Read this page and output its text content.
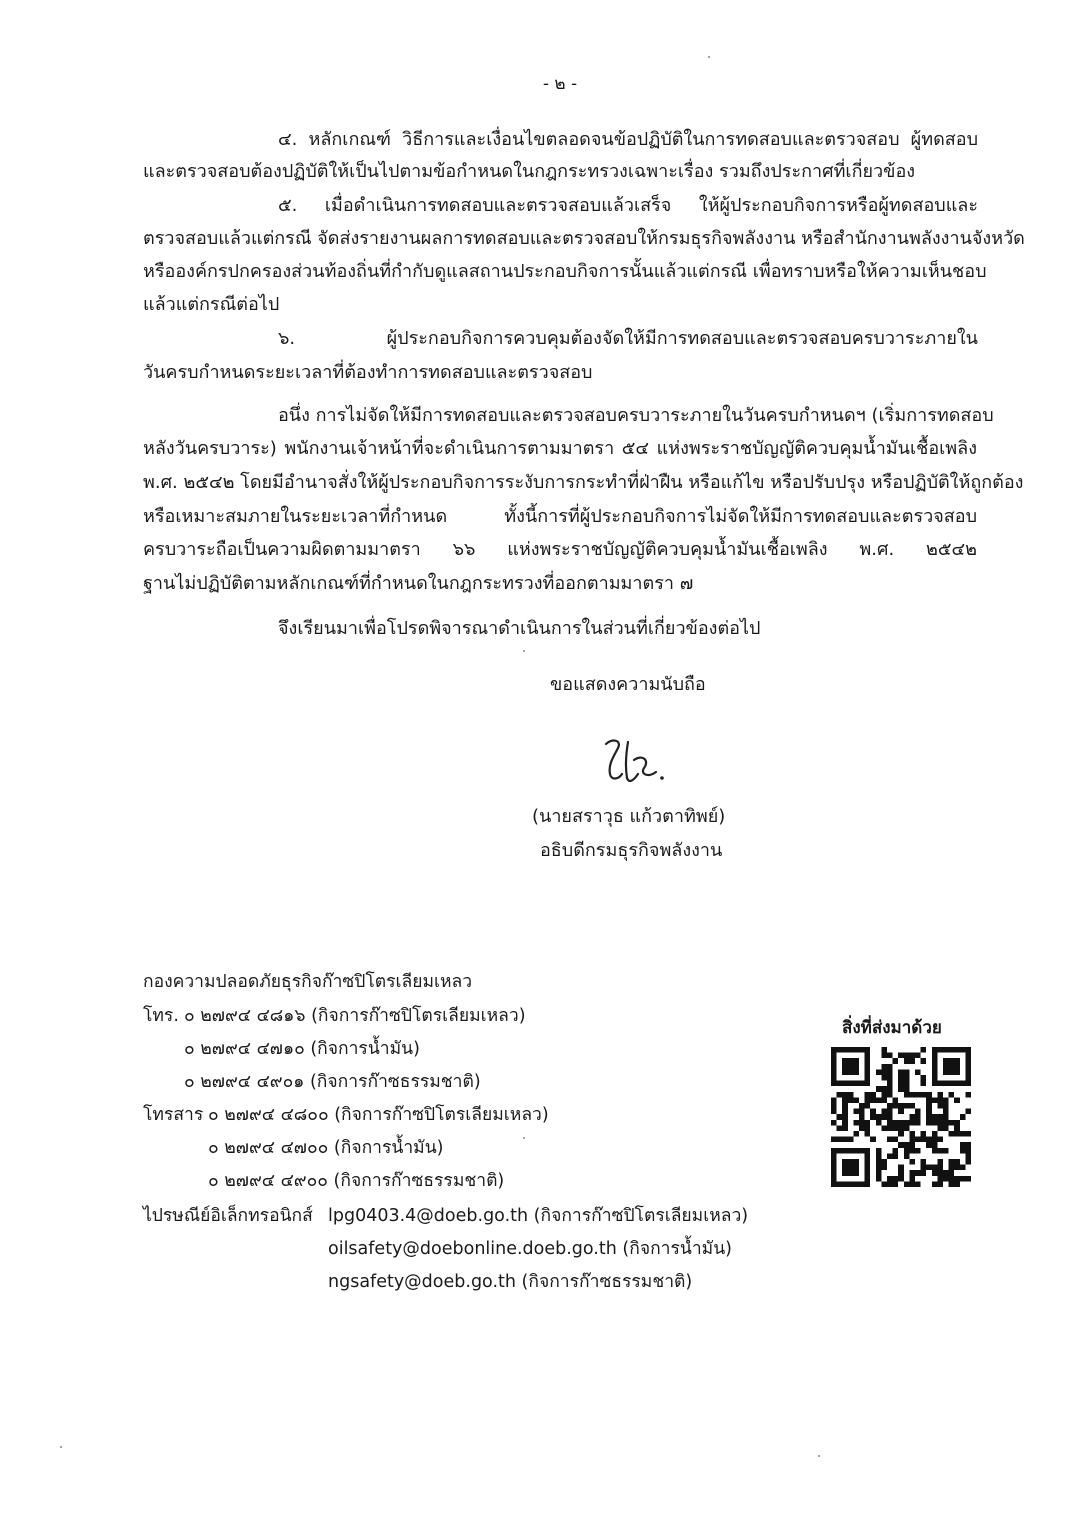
- ๒ -
๔. หลักเกณฑ์ วิธีการและเงื่อนไขตลอดจนข้อปฏิบัติในการทดสอบและตรวจสอบ ผู้ทดสอบ
และตรวจสอบต้องปฏิบัติให้เป็นไปตามข้อกำหนดในกฎกระทรวงเฉพาะเรื่อง รวมถึงประกาศที่เกี่ยวข้อง
๕. เมื่อดำเนินการทดสอบและตรวจสอบแล้วเสร็จ ให้ผู้ประกอบกิจการหรือผู้ทดสอบและ
ตรวจสอบแล้วแต่กรณี จัดส่งรายงานผลการทดสอบและตรวจสอบให้กรมธุรกิจพลังงาน หรือสำนักงานพลังงานจังหวัด
หรือองค์กรปกครองส่วนท้องถิ่นที่กำกับดูแลสถานประกอบกิจการนั้นแล้วแต่กรณี เพื่อทราบหรือให้ความเห็นชอบ
แล้วแต่กรณีต่อไป
๖. ผู้ประกอบกิจการควบคุมต้องจัดให้มีการทดสอบและตรวจสอบครบวาระภายใน
วันครบกำหนดระยะเวลาที่ต้องทำการทดสอบและตรวจสอบ
อนึ่ง การไม่จัดให้มีการทดสอบและตรวจสอบครบวาระภายในวันครบกำหนดฯ (เริ่มการทดสอบ
หลังวันครบวาระ) พนักงานเจ้าหน้าที่จะดำเนินการตามมาตรา ๕๔ แห่งพระราชบัญญัติควบคุมน้ำมันเชื้อเพลิง
พ.ศ. ๒๕๔๒ โดยมีอำนาจสั่งให้ผู้ประกอบกิจการระงับการกระทำที่ฝ่าฝืน หรือแก้ไข หรือปรับปรุง หรือปฏิบัติให้ถูกต้อง
หรือเหมาะสมภายในระยะเวลาที่กำหนด ทั้งนี้การที่ผู้ประกอบกิจการไม่จัดให้มีการทดสอบและตรวจสอบ
ครบวาระถือเป็นความผิดตามมาตรา ๖๖ แห่งพระราชบัญญัติควบคุมน้ำมันเชื้อเพลิง พ.ศ. ๒๕๔๒
ฐานไม่ปฏิบัติตามหลักเกณฑ์ที่กำหนดในกฎกระทรวงที่ออกตามมาตรา ๗
จึงเรียนมาเพื่อโปรดพิจารณาดำเนินการในส่วนที่เกี่ยวข้องต่อไป
ขอแสดงความนับถือ
(นายสราวุธ แก้วตาทิพย์)
อธิบดีกรมธุรกิจพลังงาน
กองความปลอดภัยธุรกิจก๊าซปิโตรเลียมเหลว
โทร. ๐ ๒๗๙๔ ๔๘๑๖ (กิจการก๊าซปิโตรเลียมเหลว)
๐ ๒๗๙๔ ๔๗๑๐ (กิจการน้ำมัน)
๐ ๒๗๙๔ ๔๙๐๑ (กิจการก๊าซธรรมชาติ)
โทรสาร ๐ ๒๗๙๔ ๔๘๐๐ (กิจการก๊าซปิโตรเลียมเหลว)
๐ ๒๗๙๔ ๔๗๐๐ (กิจการน้ำมัน)
๐ ๒๗๙๔ ๔๙๐๐ (กิจการก๊าซธรรมชาติ)
ไปรษณีย์อิเล็กทรอนิกส์ lpg0403.4@doeb.go.th (กิจการก๊าซปิโตรเลียมเหลว)
oilsafety@doebonline.doeb.go.th (กิจการน้ำมัน)
ngsafety@doeb.go.th (กิจการก๊าซธรรมชาติ)
สิ่งที่ส่งมาด้วย
